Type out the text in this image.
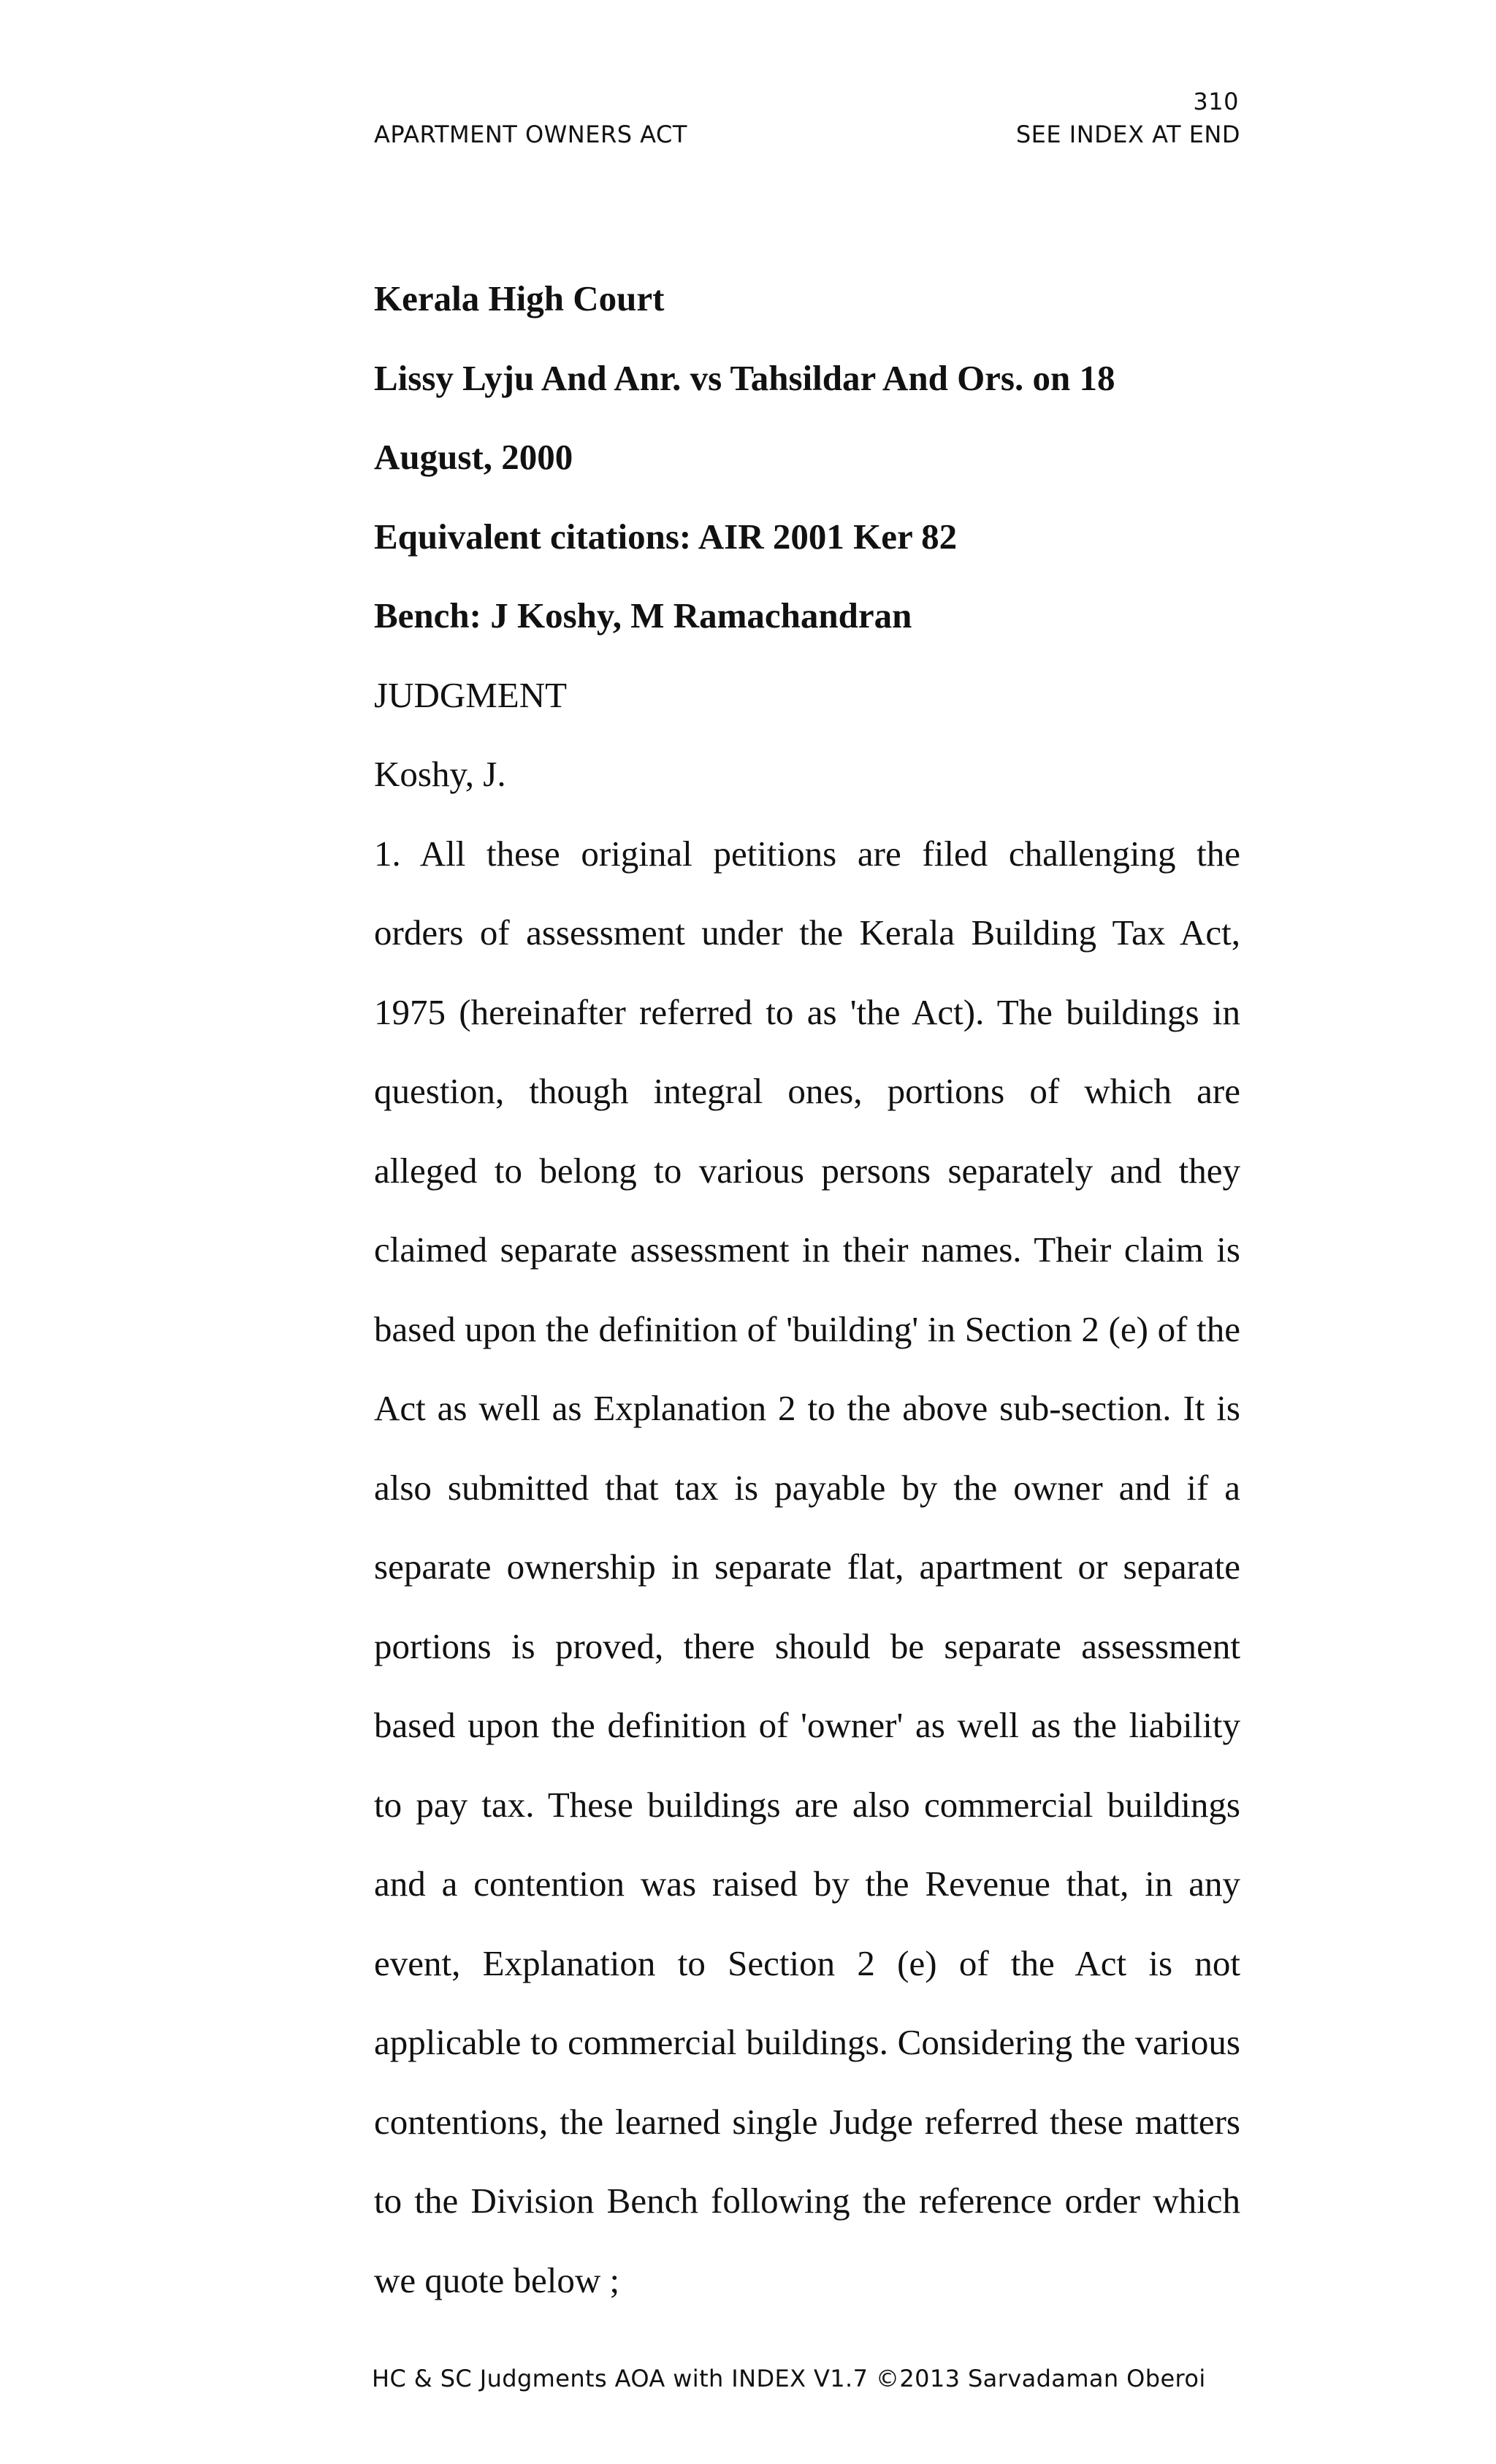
310
APARTMENT OWNERS ACT	SEE INDEX AT END

Kerala High Court

Lissy Lyju And Anr. vs Tahsildar And Ors. on 18 August, 2000

Equivalent citations: AIR 2001 Ker 82

Bench: J Koshy, M Ramachandran

JUDGMENT

Koshy, J.

1. All these original petitions are filed challenging the orders of assessment under the Kerala Building Tax Act, 1975 (hereinafter referred to as 'the Act). The buildings in question, though integral ones, portions of which are alleged to belong to various persons separately and they claimed separate assessment in their names. Their claim is based upon the definition of 'building' in Section 2 (e) of the Act as well as Explanation 2 to the above sub-section. It is also submitted that tax is payable by the owner and if a separate ownership in separate flat, apartment or separate portions is proved, there should be separate assessment based upon the definition of 'owner' as well as the liability to pay tax. These buildings are also commercial buildings and a contention was raised by the Revenue that, in any event, Explanation to Section 2 (e) of the Act is not applicable to commercial buildings. Considering the various contentions, the learned single Judge referred these matters to the Division Bench following the reference order which we quote below ;

HC & SC Judgments AOA with INDEX V1.7 ©2013 Sarvadaman Oberoi
